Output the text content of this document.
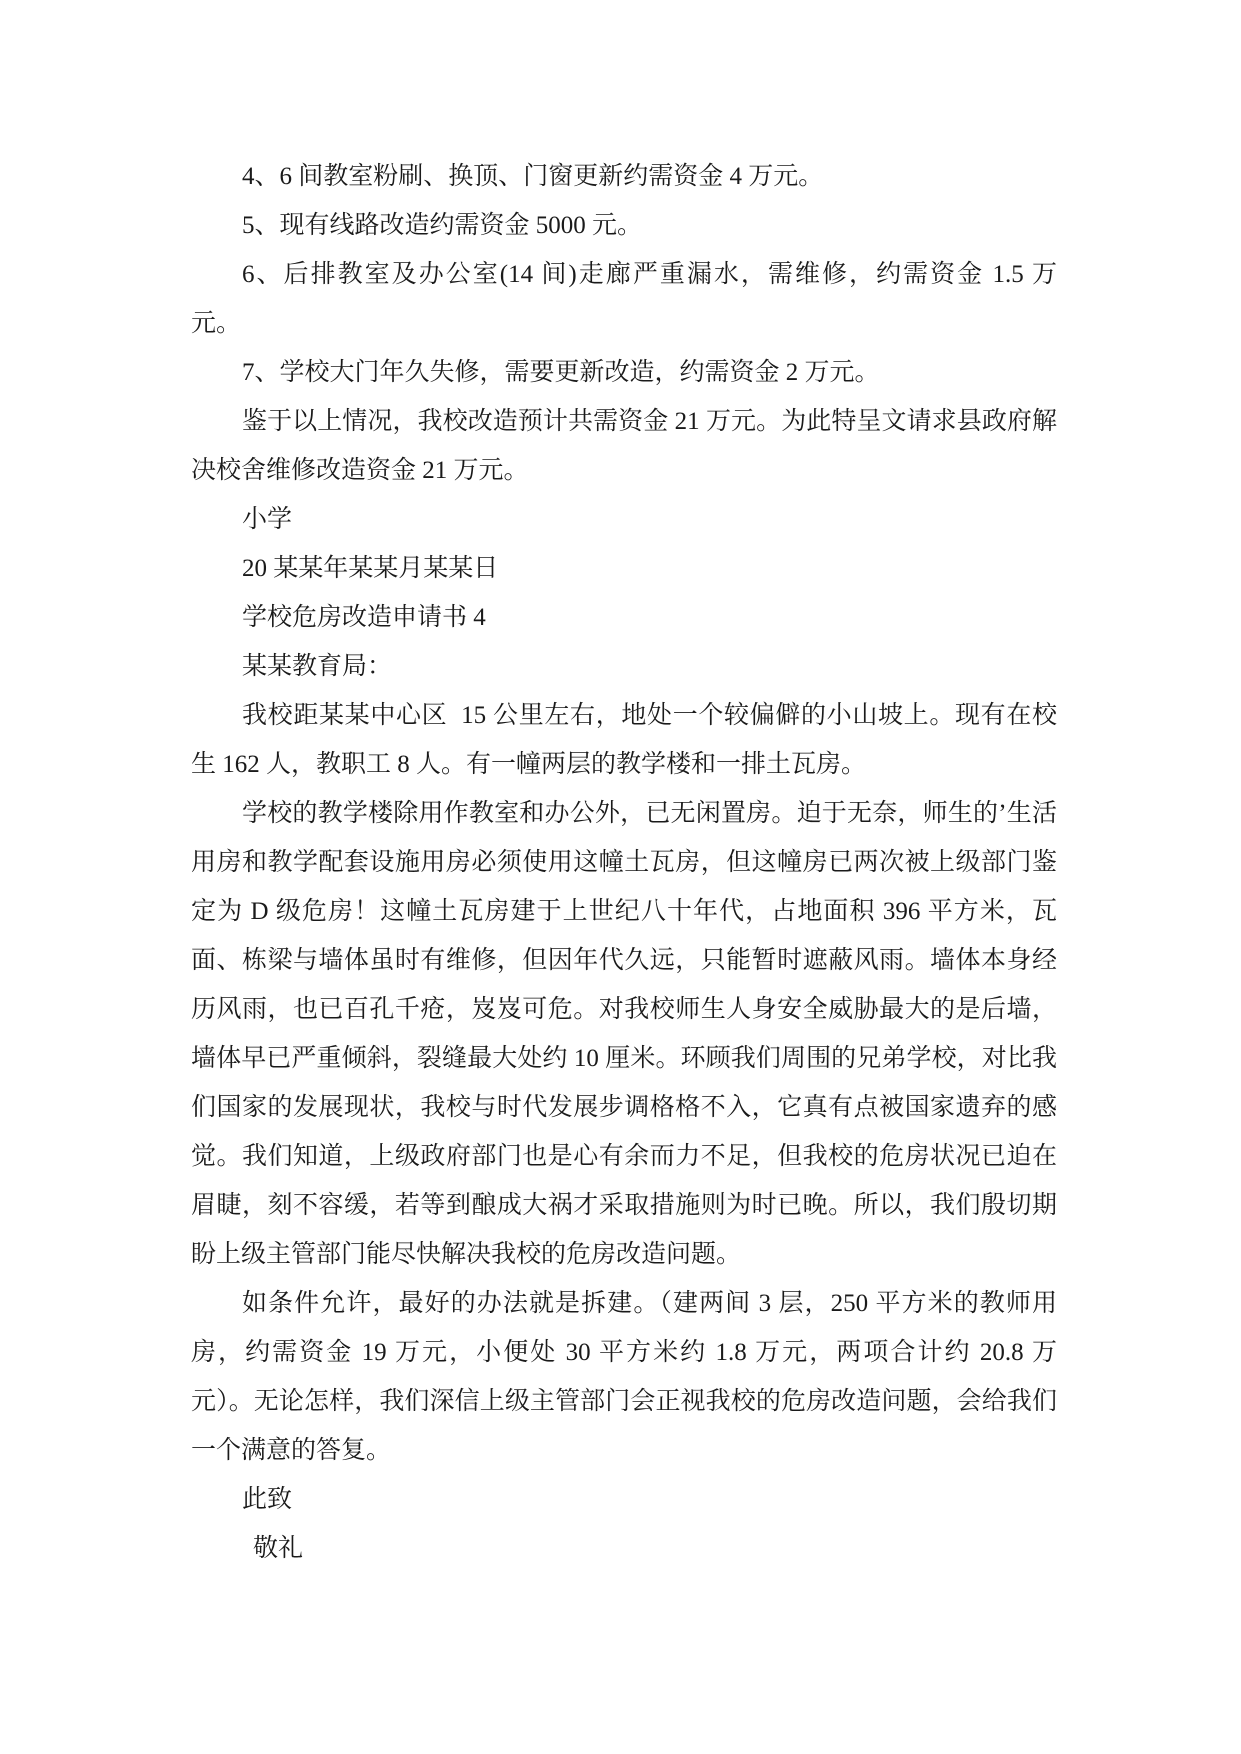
4、6 间教室粉刷、换顶、门窗更新约需资金 4 万元。
5、现有线路改造约需资金 5000 元。
6、后排教室及办公室(14 间)走廊严重漏水，需维修，约需资金 1.5 万
元。
7、学校大门年久失修，需要更新改造，约需资金 2 万元。
鉴于以上情况，我校改造预计共需资金 21 万元。为此特呈文请求县政府解
决校舍维修改造资金 21 万元。
小学
20 某某年某某月某某日
学校危房改造申请书 4
某某教育局：
我校距某某中心区  15 公里左右，地处一个较偏僻的小山坡上。现有在校
生 162 人，教职工 8 人。有一幢两层的教学楼和一排土瓦房。
学校的教学楼除用作教室和办公外，已无闲置房。迫于无奈，师生的’生活
用房和教学配套设施用房必须使用这幢土瓦房，但这幢房已两次被上级部门鉴
定为 D 级危房！这幢土瓦房建于上世纪八十年代，占地面积 396 平方米，瓦
面、栋梁与墙体虽时有维修，但因年代久远，只能暂时遮蔽风雨。墙体本身经
历风雨，也已百孔千疮，岌岌可危。对我校师生人身安全威胁最大的是后墙，
墙体早已严重倾斜，裂缝最大处约 10 厘米。环顾我们周围的兄弟学校，对比我
们国家的发展现状，我校与时代发展步调格格不入，它真有点被国家遗弃的感
觉。我们知道，上级政府部门也是心有余而力不足，但我校的危房状况已迫在
眉睫，刻不容缓，若等到酿成大祸才采取措施则为时已晚。所以，我们殷切期
盼上级主管部门能尽快解决我校的危房改造问题。
如条件允许，最好的办法就是拆建。（建两间 3 层，250 平方米的教师用
房，约需资金 19 万元，小便处 30 平方米约 1.8 万元，两项合计约 20.8 万
元）。无论怎样，我们深信上级主管部门会正视我校的危房改造问题，会给我们
一个满意的答复。
此致
敬礼
